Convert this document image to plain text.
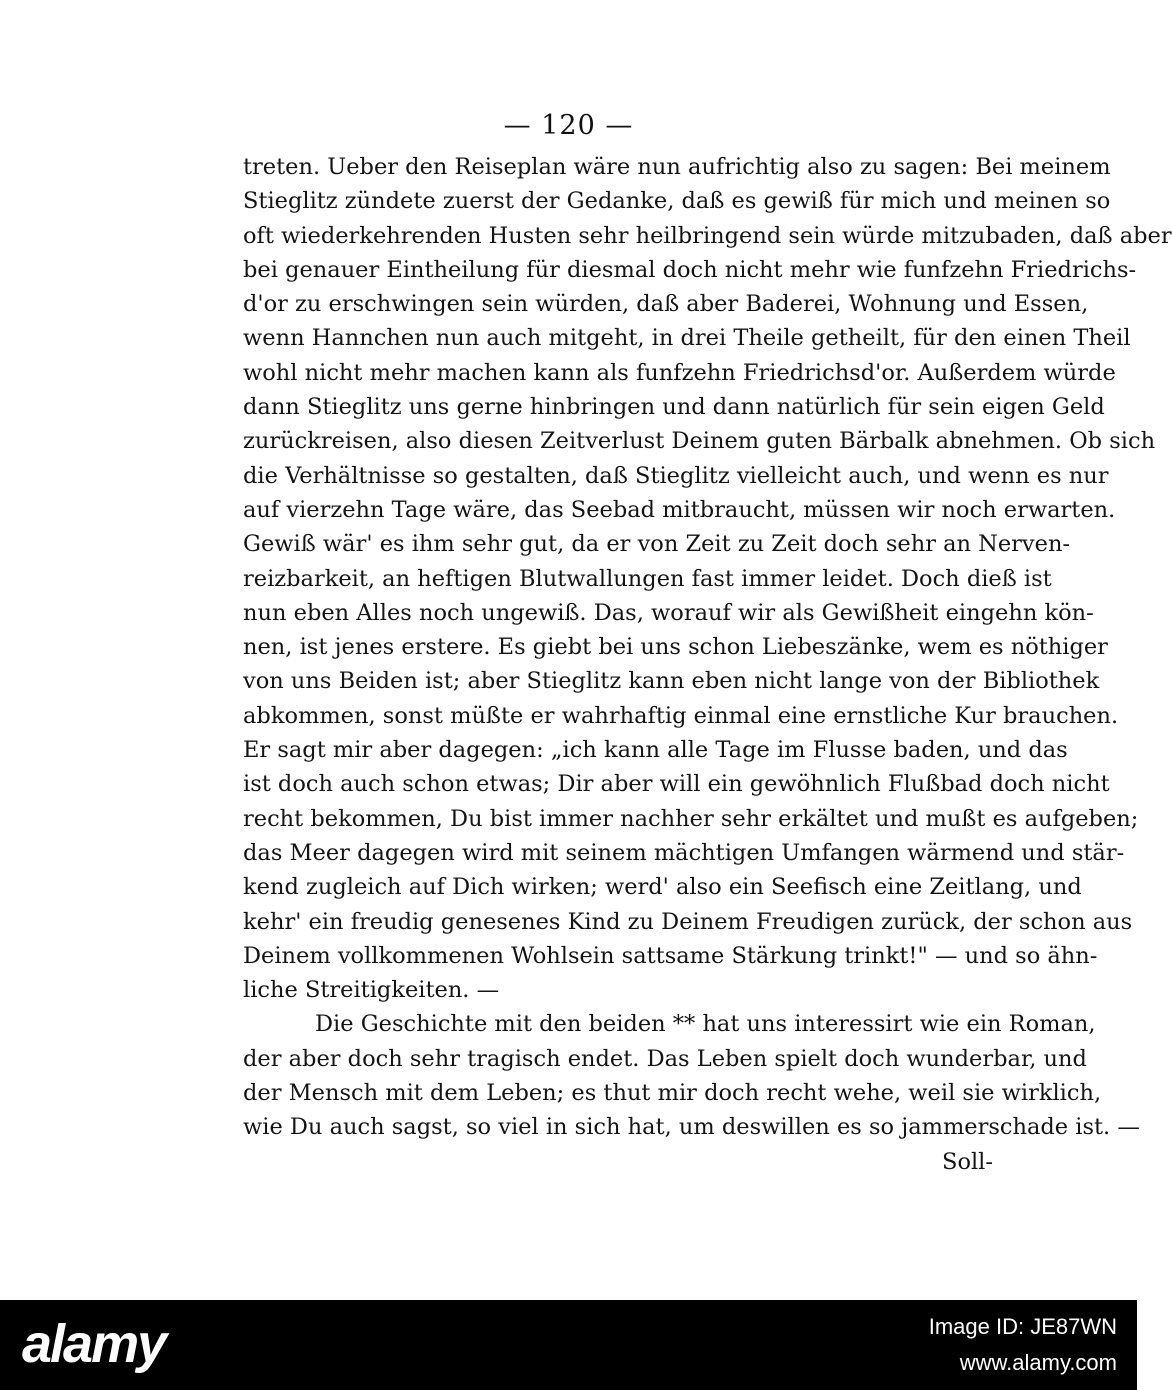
— 120 —
treten. Ueber den Reiseplan wäre nun aufrichtig also zu sagen: Bei meinem
Stieglitz zündete zuerst der Gedanke, daß es gewiß für mich und meinen so
oft wiederkehrenden Husten sehr heilbringend sein würde mitzubaden, daß aber
bei genauer Eintheilung für diesmal doch nicht mehr wie funfzehn Friedrichs-
d'or zu erschwingen sein würden, daß aber Baderei, Wohnung und Essen,
wenn Hannchen nun auch mitgeht, in drei Theile getheilt, für den einen Theil
wohl nicht mehr machen kann als funfzehn Friedrichsd'or. Außerdem würde
dann Stieglitz uns gerne hinbringen und dann natürlich für sein eigen Geld
zurückreisen, also diesen Zeitverlust Deinem guten Bärbalk abnehmen. Ob sich
die Verhältnisse so gestalten, daß Stieglitz vielleicht auch, und wenn es nur
auf vierzehn Tage wäre, das Seebad mitbraucht, müssen wir noch erwarten.
Gewiß wär' es ihm sehr gut, da er von Zeit zu Zeit doch sehr an Nerven-
reizbarkeit, an heftigen Blutwallungen fast immer leidet. Doch dieß ist
nun eben Alles noch ungewiß. Das, worauf wir als Gewißheit eingehn kön-
nen, ist jenes erstere. Es giebt bei uns schon Liebeszänke, wem es nöthiger
von uns Beiden ist; aber Stieglitz kann eben nicht lange von der Bibliothek
abkommen, sonst müßte er wahrhaftig einmal eine ernstliche Kur brauchen.
Er sagt mir aber dagegen: „ich kann alle Tage im Flusse baden, und das
ist doch auch schon etwas; Dir aber will ein gewöhnlich Flußbad doch nicht
recht bekommen, Du bist immer nachher sehr erkältet und mußt es aufgeben;
das Meer dagegen wird mit seinem mächtigen Umfangen wärmend und stär-
kend zugleich auf Dich wirken; werd' also ein Seefisch eine Zeitlang, und
kehr' ein freudig genesenes Kind zu Deinem Freudigen zurück, der schon aus
Deinem vollkommenen Wohlsein sattsame Stärkung trinkt!" — und so ähn-
liche Streitigkeiten. —
Die Geschichte mit den beiden ** hat uns interessirt wie ein Roman,
der aber doch sehr tragisch endet. Das Leben spielt doch wunderbar, und
der Mensch mit dem Leben; es thut mir doch recht wehe, weil sie wirklich,
wie Du auch sagst, so viel in sich hat, um deswillen es so jammerschade ist. —
Soll-
alamy	Image ID: JE87WN
www.alamy.com
